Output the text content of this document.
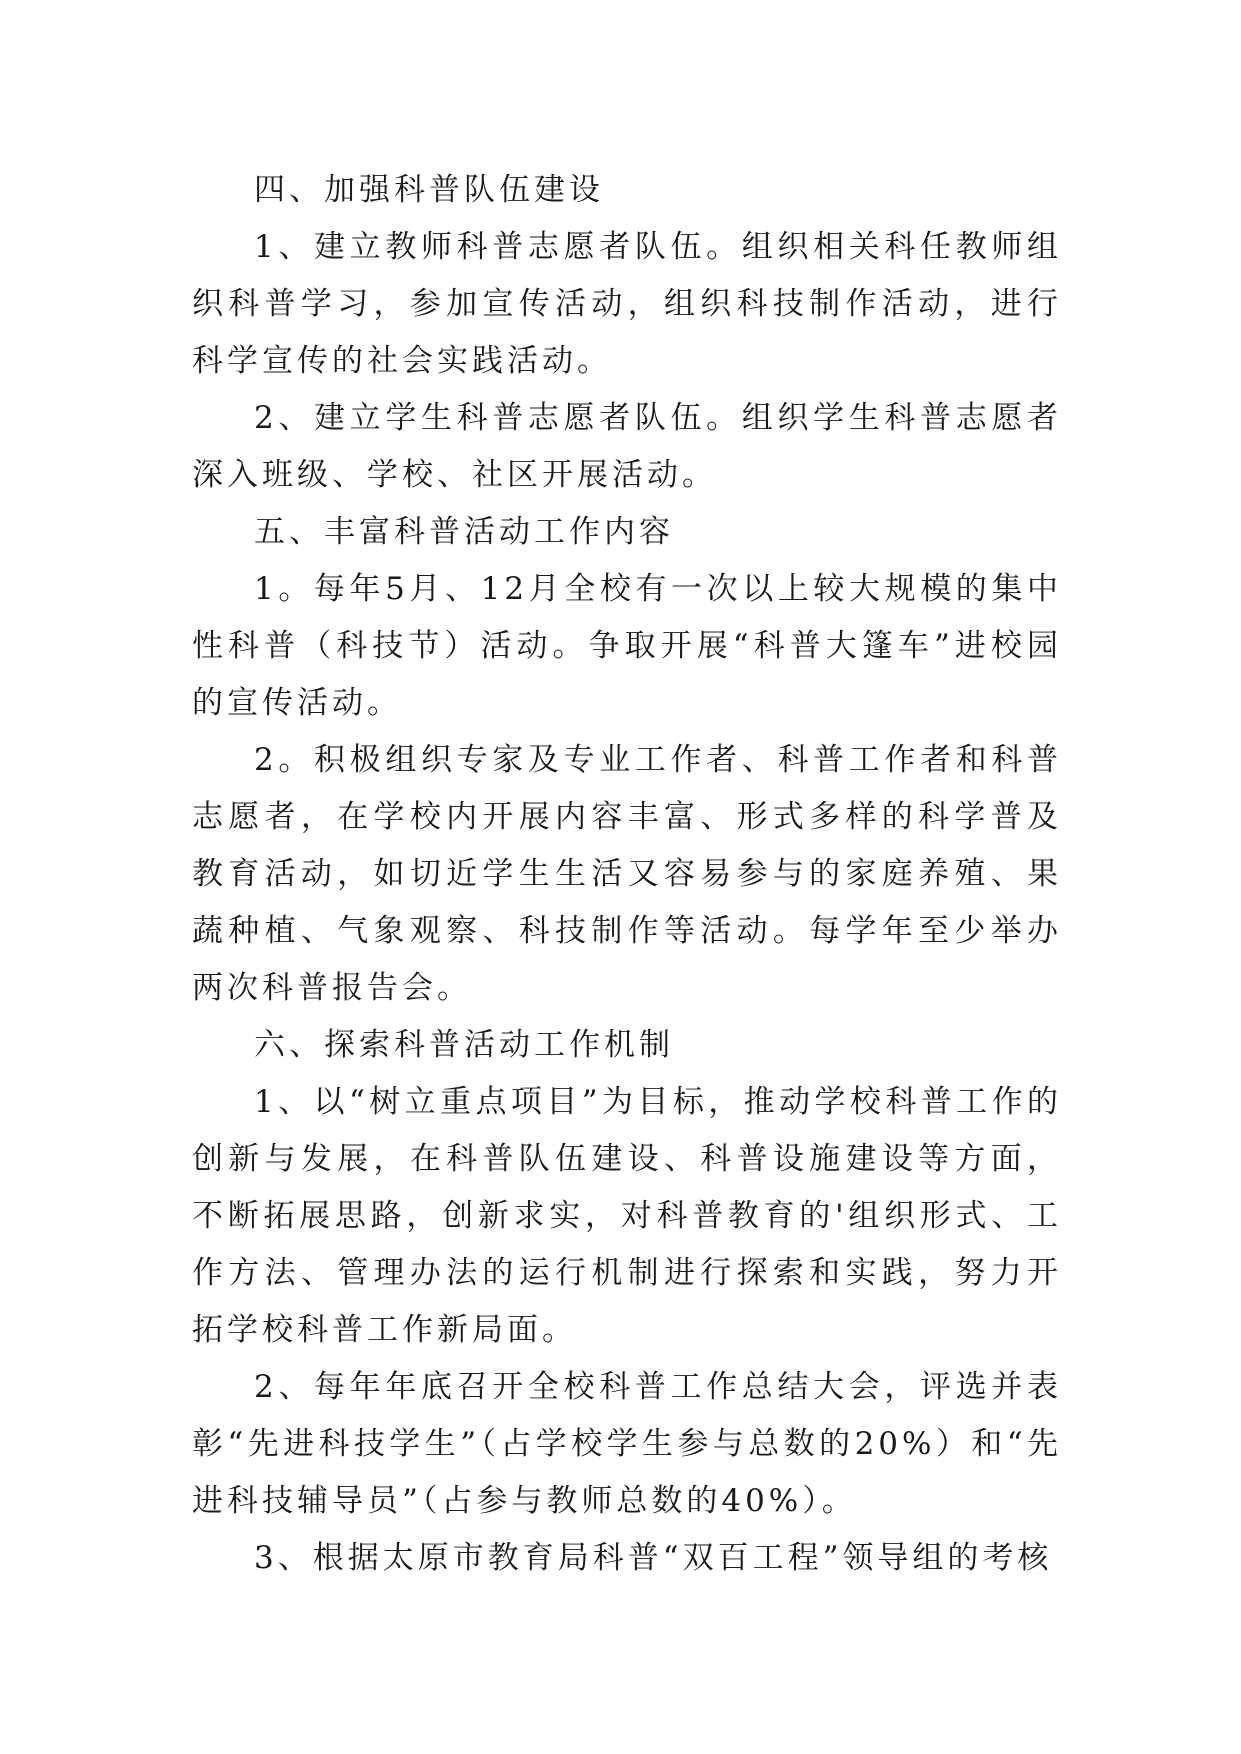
四、加强科普队伍建设

1、建立教师科普志愿者队伍。组织相关科任教师组织科普学习，参加宣传活动，组织科技制作活动，进行科学宣传的社会实践活动。

2、建立学生科普志愿者队伍。组织学生科普志愿者深入班级、学校、社区开展活动。

五、丰富科普活动工作内容

1。每年5月、12月全校有一次以上较大规模的集中性科普（科技节）活动。争取开展“科普大篷车”进校园的宣传活动。

2。积极组织专家及专业工作者、科普工作者和科普志愿者，在学校内开展内容丰富、形式多样的科学普及教育活动，如切近学生生活又容易参与的家庭养殖、果蔬种植、气象观察、科技制作等活动。每学年至少举办两次科普报告会。

六、探索科普活动工作机制

1、以“树立重点项目”为目标，推动学校科普工作的创新与发展，在科普队伍建设、科普设施建设等方面，不断拓展思路，创新求实，对科普教育的'组织形式、工作方法、管理办法的运行机制进行探索和实践，努力开拓学校科普工作新局面。

2、每年年底召开全校科普工作总结大会，评选并表彰“先进科技学生”（占学校学生参与总数的20%）和“先进科技辅导员”（占参与教师总数的40%）。

3、根据太原市教育局科普“双百工程”领导组的考核
